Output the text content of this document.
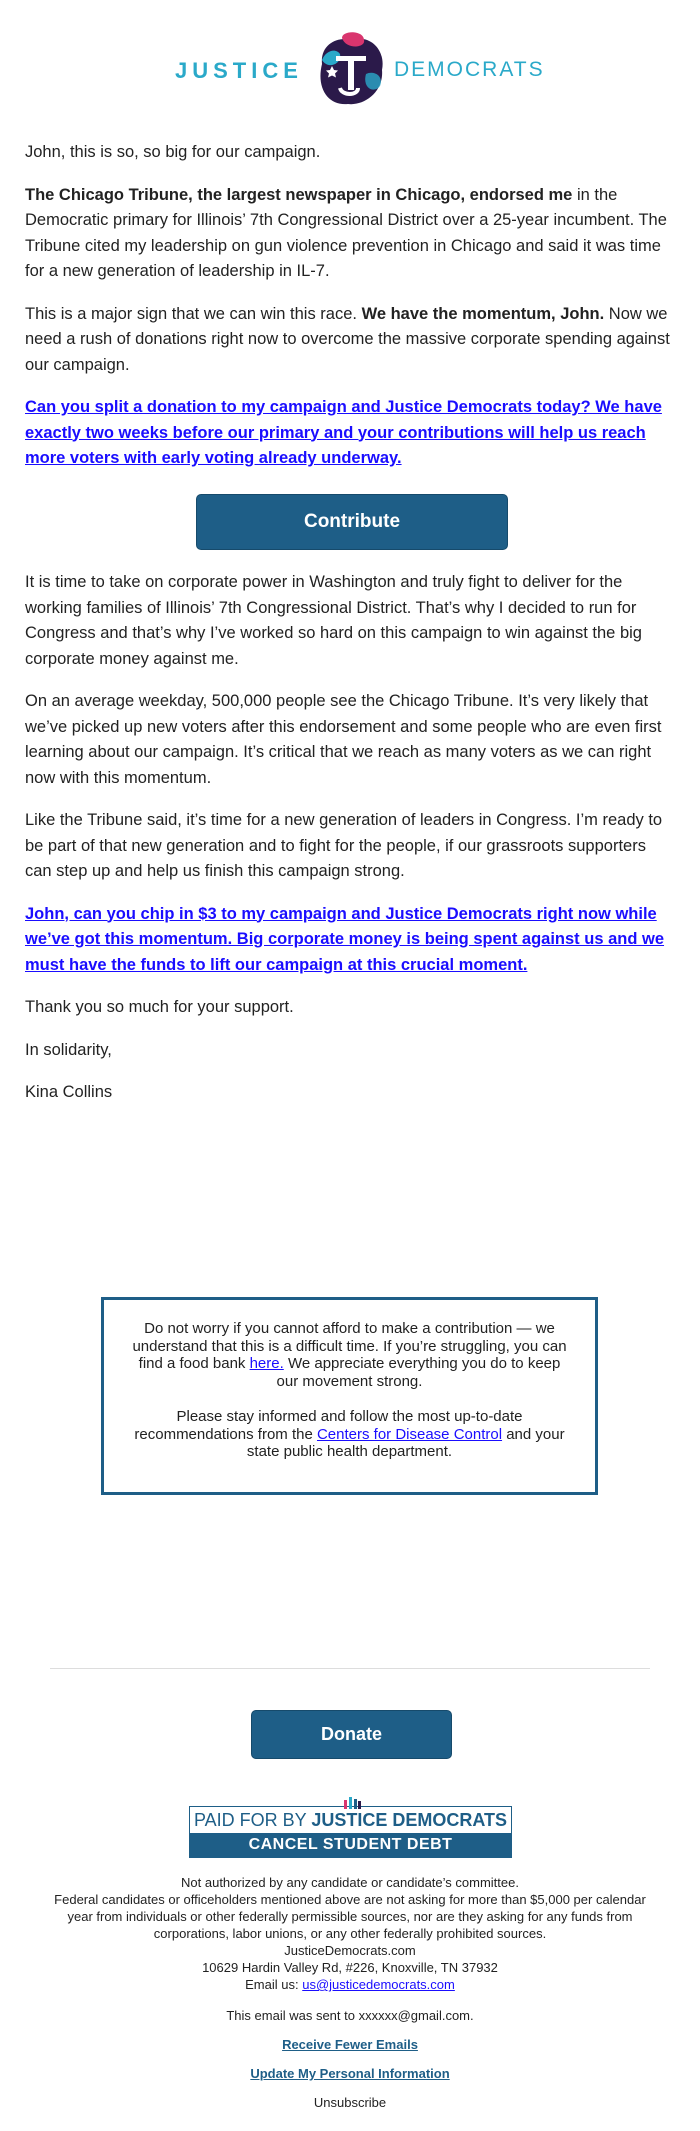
JUSTICE	DEMOCRATS

John, this is so, so big for our campaign.

The Chicago Tribune, the largest newspaper in Chicago, endorsed me in the Democratic primary for Illinois’ 7th Congressional District over a 25-year incumbent. The Tribune cited my leadership on gun violence prevention in Chicago and said it was time for a new generation of leadership in IL-7.

This is a major sign that we can win this race. We have the momentum, John. Now we need a rush of donations right now to overcome the massive corporate spending against our campaign.

Can you split a donation to my campaign and Justice Democrats today? We have exactly two weeks before our primary and your contributions will help us reach more voters with early voting already underway.

Contribute

It is time to take on corporate power in Washington and truly fight to deliver for the working families of Illinois’ 7th Congressional District. That’s why I decided to run for Congress and that’s why I’ve worked so hard on this campaign to win against the big corporate money against me.

On an average weekday, 500,000 people see the Chicago Tribune. It’s very likely that we’ve picked up new voters after this endorsement and some people who are even first learning about our campaign. It’s critical that we reach as many voters as we can right now with this momentum.

Like the Tribune said, it’s time for a new generation of leaders in Congress. I’m ready to be part of that new generation and to fight for the people, if our grassroots supporters can step up and help us finish this campaign strong.

John, can you chip in $3 to my campaign and Justice Democrats right now while we’ve got this momentum. Big corporate money is being spent against us and we must have the funds to lift our campaign at this crucial moment.

Thank you so much for your support.

In solidarity,

Kina Collins

Do not worry if you cannot afford to make a contribution — we understand that this is a difficult time. If you’re struggling, you can find a food bank here. We appreciate everything you do to keep our movement strong.

Please stay informed and follow the most up-to-date recommendations from the Centers for Disease Control and your state public health department.

Donate
PAID FOR BY JUSTICE DEMOCRATS
CANCEL STUDENT DEBT

Not authorized by any candidate or candidate’s committee.

Federal candidates or officeholders mentioned above are not asking for more than $5,000 per calendar year from individuals or other federally permissible sources, nor are they asking for any funds from corporations, labor unions, or any other federally prohibited sources.

JusticeDemocrats.com

10629 Hardin Valley Rd, #226, Knoxville, TN 37932

Email us: us@justicedemocrats.com

This email was sent to xxxxxx@gmail.com.

Receive Fewer Emails
Update My Personal Information
Unsubscribe
